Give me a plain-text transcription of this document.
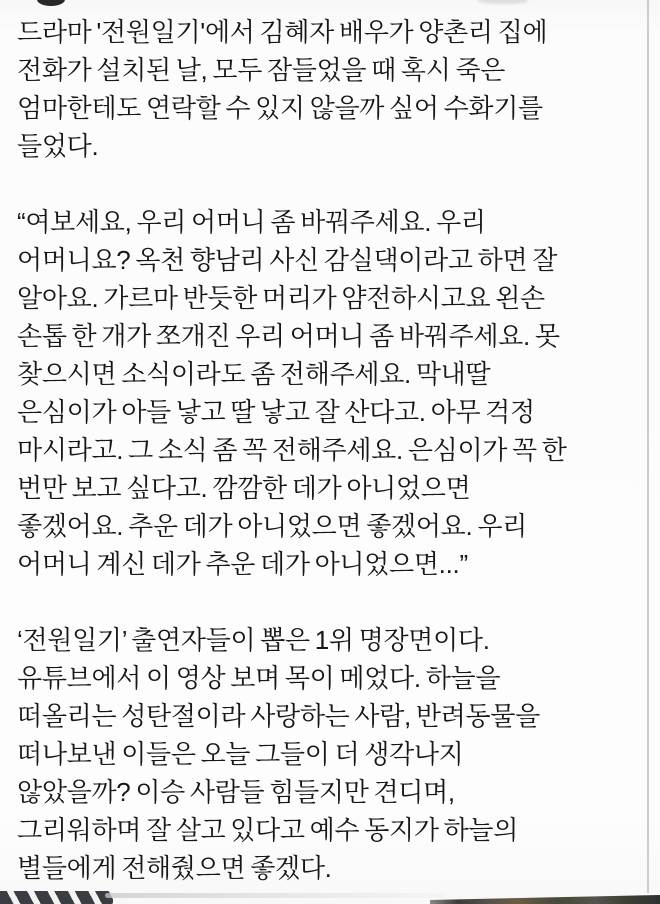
드라마 '전원일기'에서 김혜자 배우가 양촌리 집에
전화가 설치된 날, 모두 잠들었을 때 혹시 죽은
엄마한테도 연락할 수 있지 않을까 싶어 수화기를
들었다.
“여보세요, 우리 어머니 좀 바꿔주세요. 우리
어머니요? 옥천 향남리 사신 감실댁이라고 하면 잘
알아요. 가르마 반듯한 머리가 얌전하시고요 왼손
손톱 한 개가 쪼개진 우리 어머니 좀 바꿔주세요. 못
찾으시면 소식이라도 좀 전해주세요. 막내딸
은심이가 아들 낳고 딸 낳고 잘 산다고. 아무 걱정
마시라고. 그 소식 좀 꼭 전해주세요. 은심이가 꼭 한
번만 보고 싶다고. 깜깜한 데가 아니었으면
좋겠어요. 추운 데가 아니었으면 좋겠어요. 우리
어머니 계신 데가 추운 데가 아니었으면...”
‘전원일기’ 출연자들이 뽑은 1위 명장면이다.
유튜브에서 이 영상 보며 목이 메었다. 하늘을
떠올리는 성탄절이라 사랑하는 사람, 반려동물을
떠나보낸 이들은 오늘 그들이 더 생각나지
않았을까? 이승 사람들 힘들지만 견디며,
그리워하며 잘 살고 있다고 예수 동지가 하늘의
별들에게 전해줬으면 좋겠다.
